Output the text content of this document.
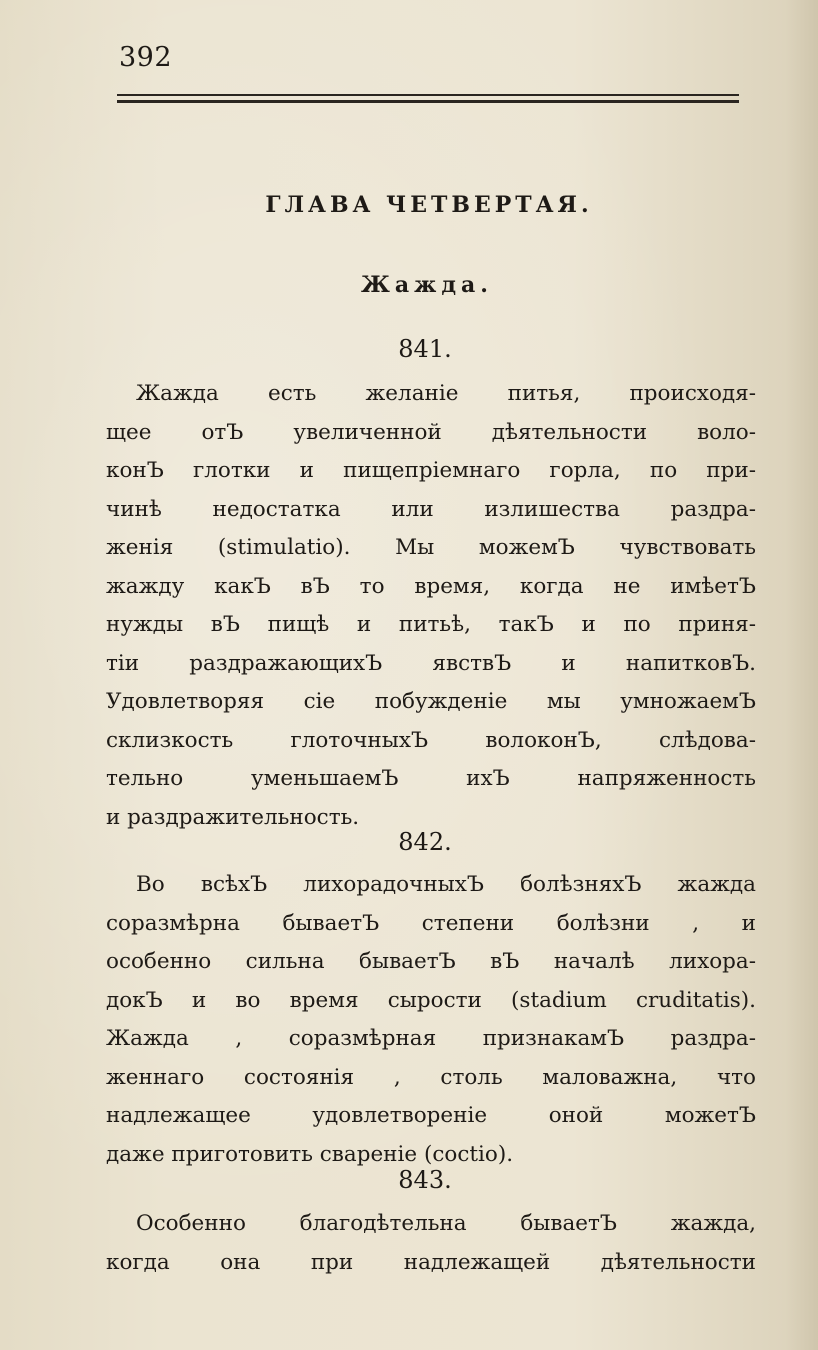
392
ГЛАВА ЧЕТВЕРТАЯ.
Жажда.
841.
Жажда есть желаніе питья, происходя-
щее отЪ увеличенной дѣятельности воло-
конЪ глотки и пищепріемнаго горла, по при-
чинѣ недостатка или излишества раздра-
женія (stimulatio). Мы можемЪ чувствовать
жажду какЪ вЪ то время, когда не имѣетЪ
нужды вЪ пищѣ и питьѣ, такЪ и по приня-
тіи раздражающихЪ явствЪ и напитковЪ.
Удовлетворяя сіе побужденіе мы умножаемЪ
склизкость глоточныхЪ волоконЪ, слѣдова-
тельно уменьшаемЪ ихЪ напряженность
и раздражительность.
842.
Во всѣхЪ лихорадочныхЪ болѣзняхЪ жажда
соразмѣрна бываетЪ степени болѣзни , и
особенно сильна бываетЪ вЪ началѣ лихора-
докЪ и во время сырости (stadium cruditatis).
Жажда , соразмѣрная признакамЪ раздра-
женнаго состоянія , столь маловажна, что
надлежащее удовлетвореніе оной можетЪ
даже приготовить свареніе (coctio).
843.
Особенно благодѣтельна бываетЪ жажда,
когда она при надлежащей дѣятельности
